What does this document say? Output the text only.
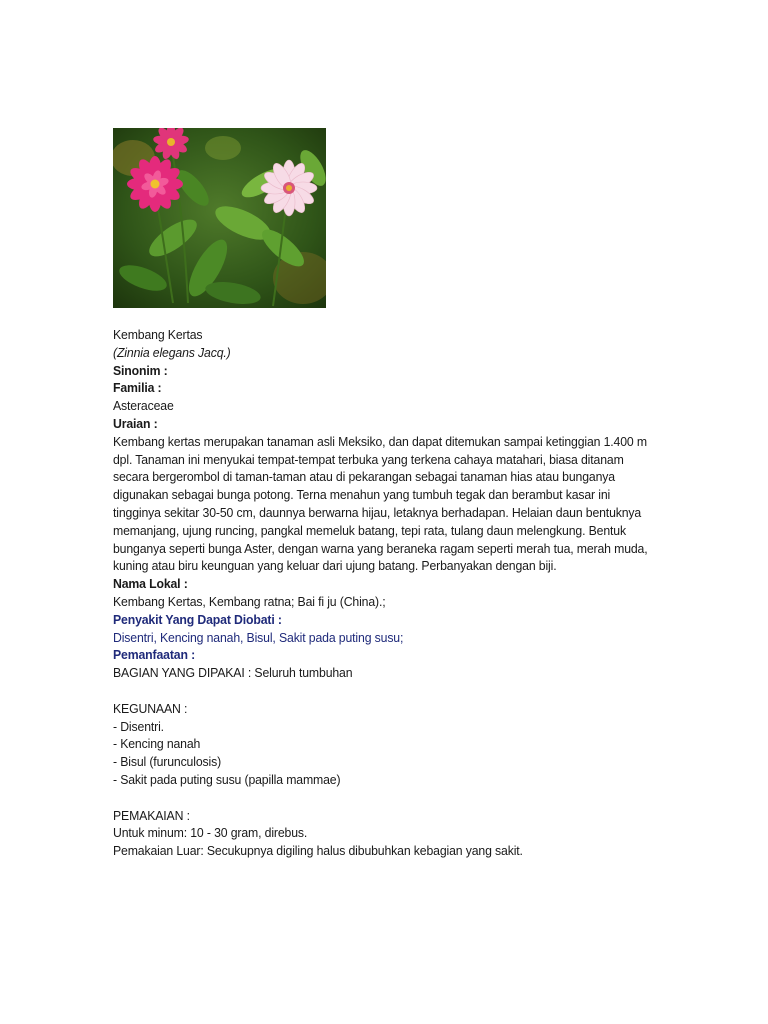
Kembang Kertas
(Zinnia elegans Jacq.)
Sinonim :
Familia :
Asteraceae
Uraian :
Kembang kertas merupakan tanaman asli Meksiko, dan dapat ditemukan sampai ketinggian 1.400 m dpl. Tanaman ini menyukai tempat-tempat terbuka yang terkena cahaya matahari, biasa ditanam secara bergerombol di taman-taman atau di pekarangan sebagai tanaman hias atau bunganya digunakan sebagai bunga potong. Terna menahun yang tumbuh tegak dan berambut kasar ini tingginya sekitar 30-50 cm, daunnya berwarna hijau, letaknya berhadapan. Helaian daun bentuknya memanjang, ujung runcing, pangkal memeluk batang, tepi rata, tulang daun melengkung. Bentuk bunganya seperti bunga Aster, dengan warna yang beraneka ragam seperti merah tua, merah muda, kuning atau biru keunguan yang keluar dari ujung batang. Perbanyakan dengan biji.
Nama Lokal :
Kembang Kertas, Kembang ratna; Bai fi ju (China).;
Penyakit Yang Dapat Diobati :
Disentri, Kencing nanah, Bisul, Sakit pada puting susu;
Pemanfaatan :
BAGIAN YANG DIPAKAI : Seluruh tumbuhan
KEGUNAAN :
- Disentri.
- Kencing nanah
- Bisul (furunculosis)
- Sakit pada puting susu (papilla mammae)
PEMAKAIAN :
Untuk minum: 10 - 30 gram, direbus.
Pemakaian Luar: Secukupnya digiling halus dibubuhkan kebagian yang sakit.
